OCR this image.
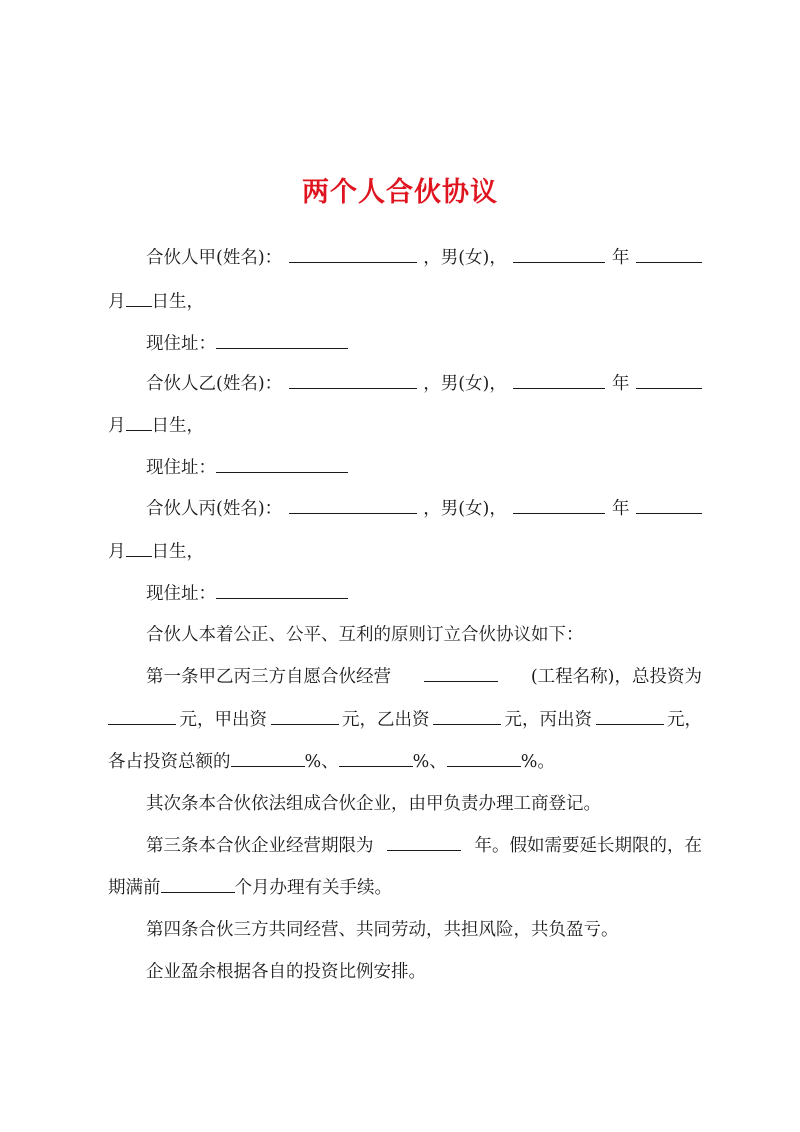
两个人合伙协议
合伙人甲(姓名)：	，男(女)，	年
月 日生，
现住址：
合伙人乙(姓名)：	，男(女)，	年
月 日生，
现住址：
合伙人丙(姓名)：	，男(女)，	年
月 日生，
现住址：
合伙人本着公正、公平、互利的原则订立合伙协议如下：
第一条甲乙丙三方自愿合伙经营	(工程名称)，总投资为
元，甲出资	元，乙出资	元，丙出资	元，
各占投资总额的	%、	%、	%。
其次条本合伙依法组成合伙企业，由甲负责办理工商登记。
第三条本合伙企业经营期限为	年。假如需要延长期限的，在
期满前	个月办理有关手续。
第四条合伙三方共同经营、共同劳动，共担风险，共负盈亏。
企业盈余根据各自的投资比例安排。
